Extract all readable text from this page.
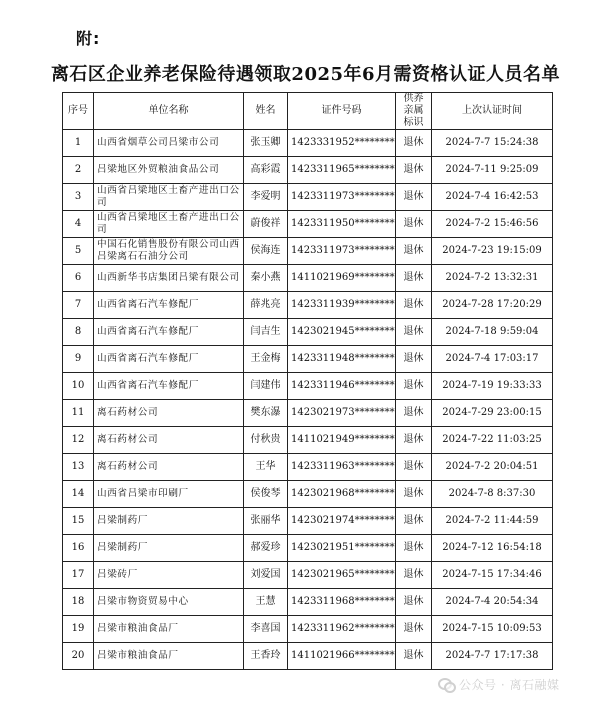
附:
离石区企业养老保险待遇领取2025年6月需资格认证人员名单
序号	单位名称	姓名	证件号码	供养亲属标识	上次认证时间
1	山西省烟草公司吕梁市公司	张玉卿	1423331952********	退休	2024-7-7 15:24:38
2	吕梁地区外贸粮油食品公司	高彩霞	1423311965********	退休	2024-7-11 9:25:09
3	山西省吕梁地区土畜产进出口公司	李爱明	1423311973********	退休	2024-7-4 16:42:53
4	山西省吕梁地区土畜产进出口公司	蔚俊祥	1423311950********	退休	2024-7-2 15:46:56
5	中国石化销售股份有限公司山西吕梁离石石油分公司	侯海连	1423311973********	退休	2024-7-23 19:15:09
6	山西新华书店集团吕梁有限公司	秦小燕	1411021969********	退休	2024-7-2 13:32:31
7	山西省离石汽车修配厂	薛兆亮	1423311939********	退休	2024-7-28 17:20:29
8	山西省离石汽车修配厂	闫吉生	1423021945********	退休	2024-7-18 9:59:04
9	山西省离石汽车修配厂	王金梅	1423311948********	退休	2024-7-4 17:03:17
10	山西省离石汽车修配厂	闫建伟	1423311946********	退休	2024-7-19 19:33:33
11	离石药材公司	樊东瀑	1423021973********	退休	2024-7-29 23:00:15
12	离石药材公司	付秋贵	1411021949********	退休	2024-7-22 11:03:25
13	离石药材公司	王华	1423311963********	退休	2024-7-2 20:04:51
14	山西省吕梁市印刷厂	侯俊琴	1423021968********	退休	2024-7-8 8:37:30
15	吕梁制药厂	张丽华	1423021974********	退休	2024-7-2 11:44:59
16	吕梁制药厂	郝爱珍	1423021951********	退休	2024-7-12 16:54:18
17	吕梁砖厂	刘爱国	1423021965********	退休	2024-7-15 17:34:46
18	吕梁市物资贸易中心	王慧	1423311968********	退休	2024-7-4 20:54:34
19	吕梁市粮油食品厂	李喜国	1423311962********	退休	2024-7-15 10:09:53
20	吕梁市粮油食品厂	王香玲	1411021966********	退休	2024-7-7 17:17:38
公众号 · 离石融媒
